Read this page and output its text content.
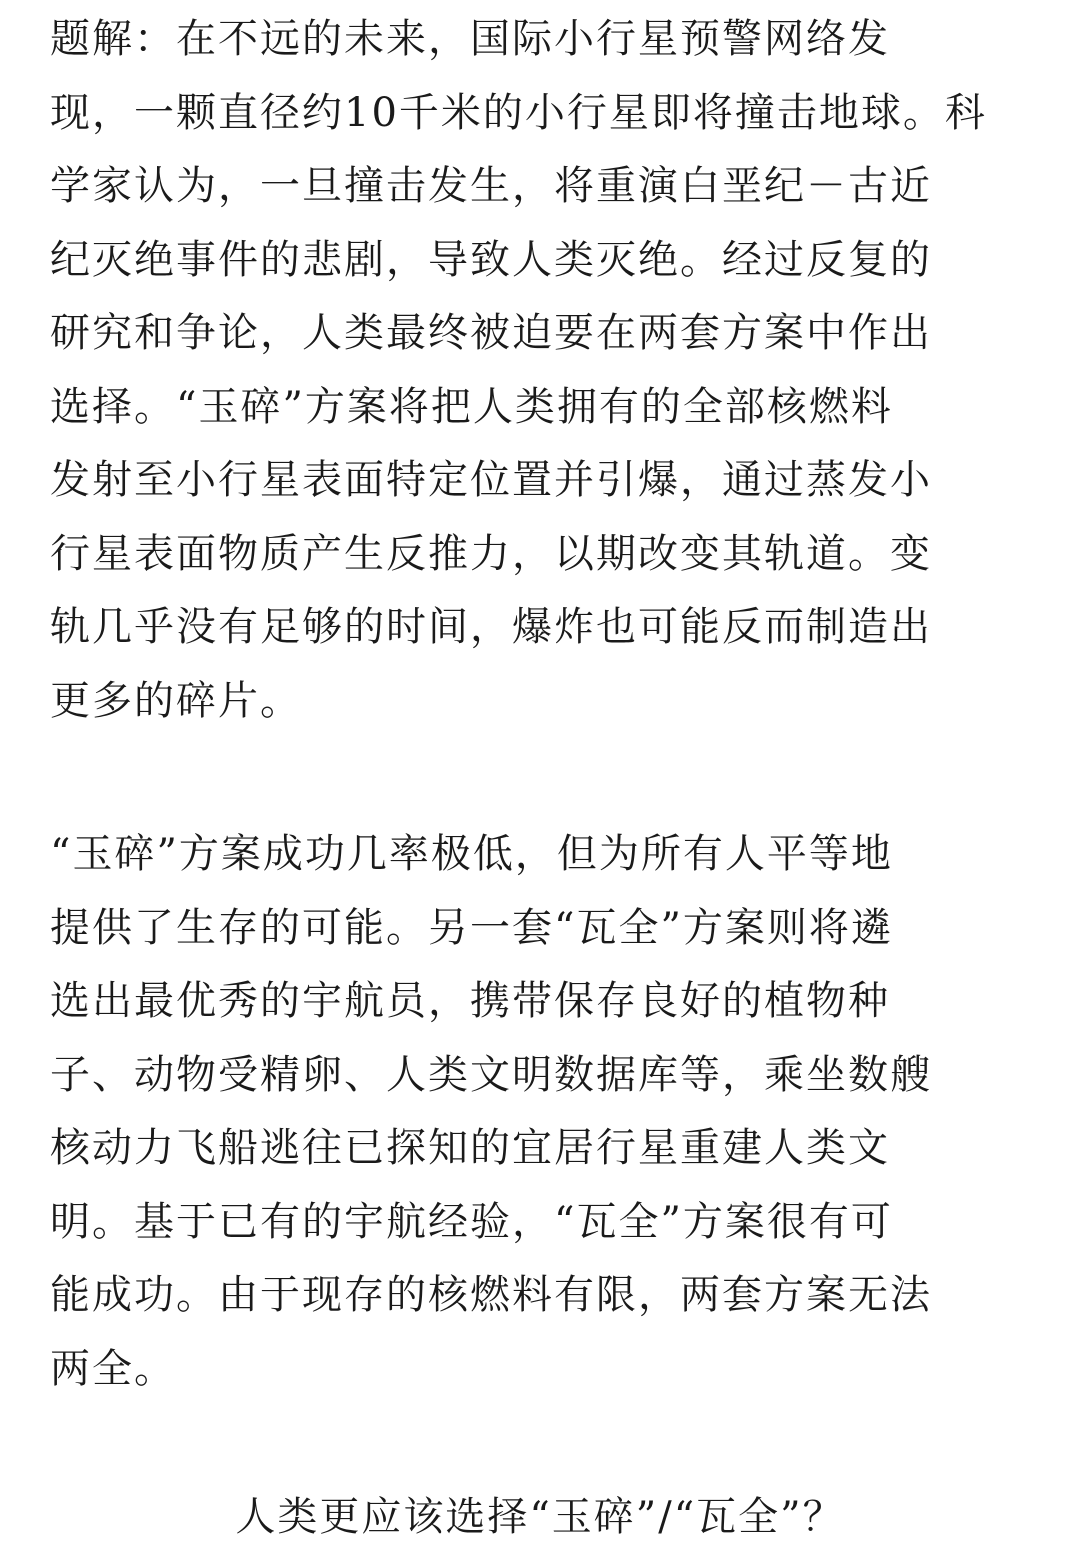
题解：在不远的未来，国际小行星预警网络发
现，一颗直径约10千米的小行星即将撞击地球。科
学家认为，一旦撞击发生，将重演白垩纪－古近
纪灭绝事件的悲剧，导致人类灭绝。经过反复的
研究和争论，人类最终被迫要在两套方案中作出
选择。“玉碎”方案将把人类拥有的全部核燃料
发射至小行星表面特定位置并引爆，通过蒸发小
行星表面物质产生反推力，以期改变其轨道。变
轨几乎没有足够的时间，爆炸也可能反而制造出
更多的碎片。
“玉碎”方案成功几率极低，但为所有人平等地
提供了生存的可能。另一套“瓦全”方案则将遴
选出最优秀的宇航员，携带保存良好的植物种
子、动物受精卵、人类文明数据库等，乘坐数艘
核动力飞船逃往已探知的宜居行星重建人类文
明。基于已有的宇航经验，“瓦全”方案很有可
能成功。由于现存的核燃料有限，两套方案无法
两全。
人类更应该选择“玉碎”/“瓦全”？
